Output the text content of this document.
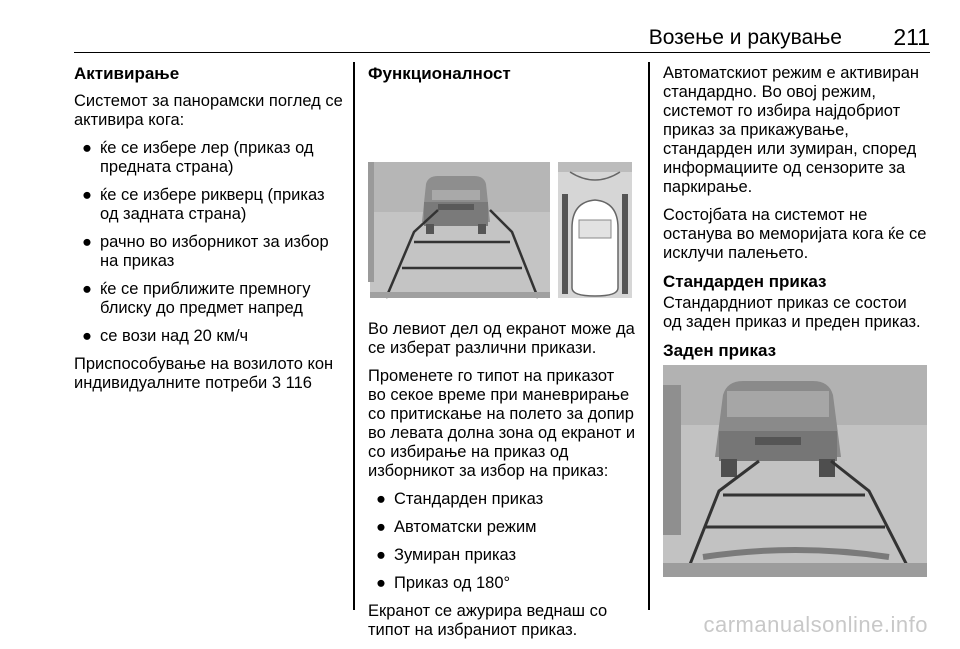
Возење и ракување 211
Активирање

Системот за панорамски поглед се активира кога:

● ќе се избере лер (приказ од предната страна)
● ќе се избере рикверц (приказ од задната страна)
● рачно во изборникот за избор на приказ
● ќе се приближите премногу блиску до предмет напред
● се вози над 20 км/ч

Приспособување на возилото кон индивидуалните потреби 3 116

Функционалност

Во левиот дел од екранот може да се изберат различни прикази.

Променете го типот на приказот во секое време при маневрирање со притискање на полето за допир во левата долна зона од екранот и со избирање на приказ од изборникот за избор на приказ:

● Стандарден приказ
● Автоматски режим
● Зумиран приказ
● Приказ од 180°

Екранот се ажурира веднаш со типот на избраниот приказ.

Автоматскиот режим е активиран стандардно. Во овој режим, системот го избира најдобриот приказ за прикажување, стандарден или зумиран, според информациите од сензорите за паркирање.

Состојбата на системот не останува во меморијата кога ќе се исклучи палењето.

Стандарден приказ

Стандардниот приказ се состои од заден приказ и преден приказ.

Заден приказ
carmanualsonline.info
